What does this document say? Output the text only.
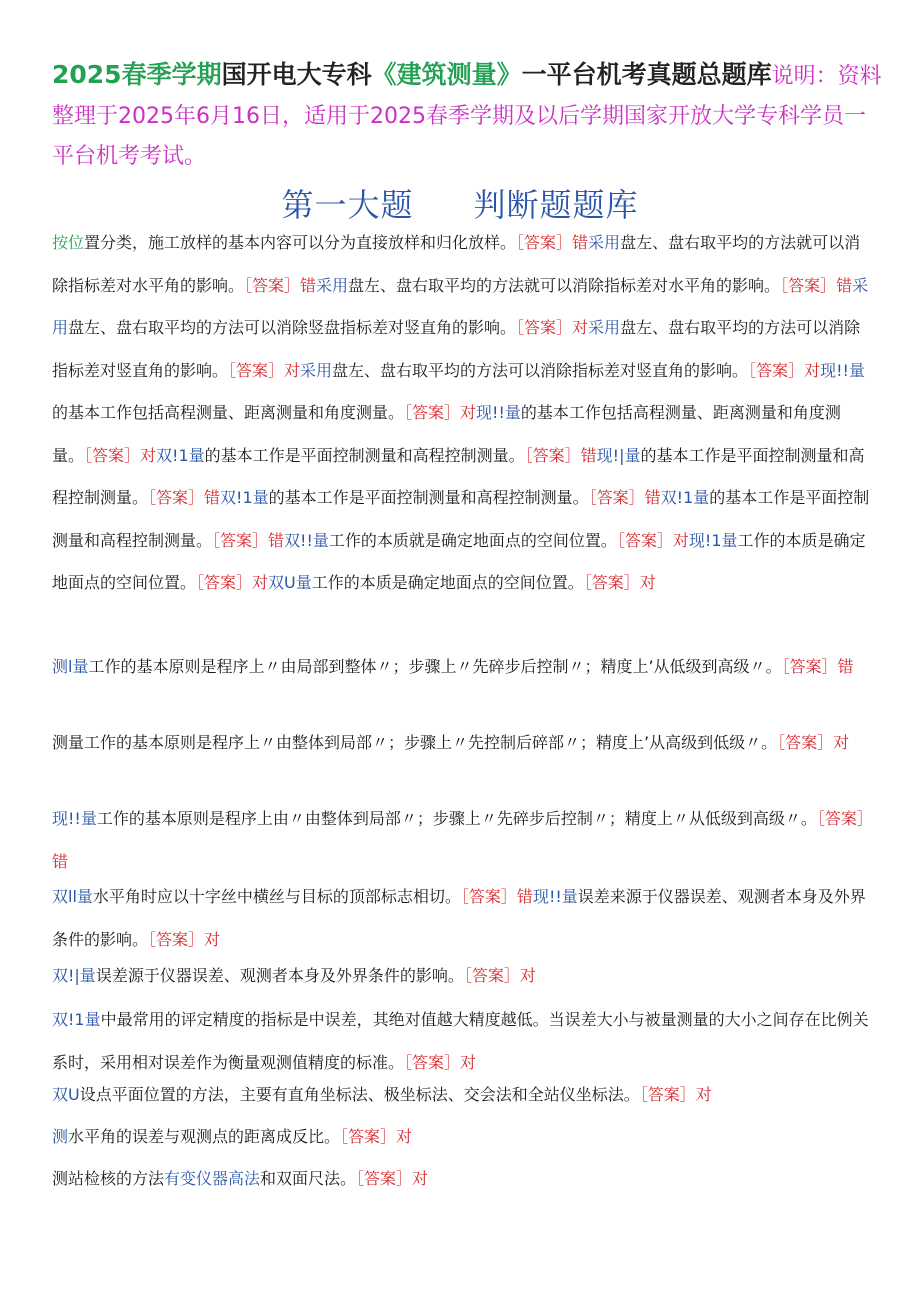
2025春季学期国开电大专科《建筑测量》一平台机考真题总题库说明：资料整理于2025年6月16日，适用于2025春季学期及以后学期国家开放大学专科学员一平台机考考试。
第一大题 判断题题库
按位置分类，施工放样的基本内容可以分为直接放样和归化放样。［答案］错采用盘左、盘右取平均的方法就可以消除指标差对水平角的影响。［答案］错采用盘左、盘右取平均的方法就可以消除指标差对水平角的影响。［答案］错采用盘左、盘右取平均的方法可以消除竖盘指标差对竖直角的影响。［答案］对采用盘左、盘右取平均的方法可以消除指标差对竖直角的影响。［答案］对采用盘左、盘右取平均的方法可以消除指标差对竖直角的影响。［答案］对现!!量的基本工作包括高程测量、距离测量和角度测量。［答案］对现!!量的基本工作包括高程测量、距离测量和角度测量。［答案］对双!1量的基本工作是平面控制测量和高程控制测量。［答案］错现!|量的基本工作是平面控制测量和高程控制测量。［答案］错双!1量的基本工作是平面控制测量和高程控制测量。［答案］错双!1量的基本工作是平面控制测量和高程控制测量。［答案］错双!!量工作的本质就是确定地面点的空间位置。［答案］对现!1量工作的本质是确定地面点的空间位置。［答案］对双U量工作的本质是确定地面点的空间位置。［答案］对
测l量工作的基本原则是程序上〃由局部到整体〃；步骤上〃先碎步后控制〃；精度上’从低级到高级〃。［答案］错
测量工作的基本原则是程序上〃由整体到局部〃；步骤上〃先控制后碎部〃；精度上’从高级到低级〃。［答案］对
现!!量工作的基本原则是程序上由〃由整体到局部〃；步骤上〃先碎步后控制〃；精度上〃从低级到高级〃。［答案］错
双ll量水平角时应以十字丝中横丝与目标的顶部标志相切。［答案］错现!!量误差来源于仪器误差、观测者本身及外界条件的影响。［答案］对
双!|量误差源于仪器误差、观测者本身及外界条件的影响。［答案］对
双!1量中最常用的评定精度的指标是中误差，其绝对值越大精度越低。当误差大小与被量测量的大小之间存在比例关系时，采用相对误差作为衡量观测值精度的标准。［答案］对
双U设点平面位置的方法，主要有直角坐标法、极坐标法、交会法和全站仪坐标法。［答案］对
测水平角的误差与观测点的距离成反比。［答案］对
测站检核的方法有变仪器高法和双面尺法。［答案］对
